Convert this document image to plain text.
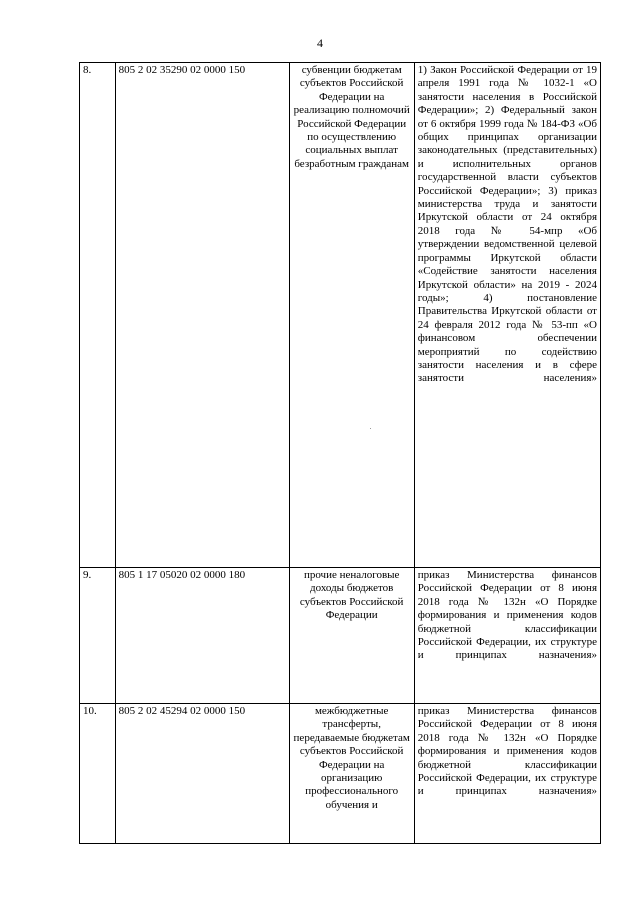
4
8.	805 2 02 35290 02 0000 150	субвенции бюджетам субъектов Российской Федерации на реализацию полномочий Российской Федерации по осуществлению социальных выплат безработным гражданам	1) Закон Российской Федерации от 19 апреля 1991 года № 1032-1 «О занятости населения в Российской Федерации»; 2) Федеральный закон от 6 октября 1999 года № 184-ФЗ «Об общих принципах организации законодательных (представительных) и исполнительных органов государственной власти субъектов Российской Федерации»; 3) приказ министерства труда и занятости Иркутской области от 24 октября 2018 года № 54-мпр «Об утверждении ведомственной целевой программы Иркутской области «Содействие занятости населения Иркутской области» на 2019 - 2024 годы»; 4) постановление Правительства Иркутской области от 24 февраля 2012 года № 53-пп «О финансовом обеспечении мероприятий по содействию занятости населения и в сфере занятости населения»
9.	805 1 17 05020 02 0000 180	прочие неналоговые доходы бюджетов субъектов Российской Федерации	приказ Министерства финансов Российской Федерации от 8 июня 2018 года № 132н «О Порядке формирования и применения кодов бюджетной классификации Российской Федерации, их структуре и принципах назначения»
10.	805 2 02 45294 02 0000 150	межбюджетные трансферты, передаваемые бюджетам субъектов Российской Федерации на организацию профессионального обучения и	приказ Министерства финансов Российской Федерации от 8 июня 2018 года № 132н «О Порядке формирования и применения кодов бюджетной классификации Российской Федерации, их структуре и принципах назначения»
